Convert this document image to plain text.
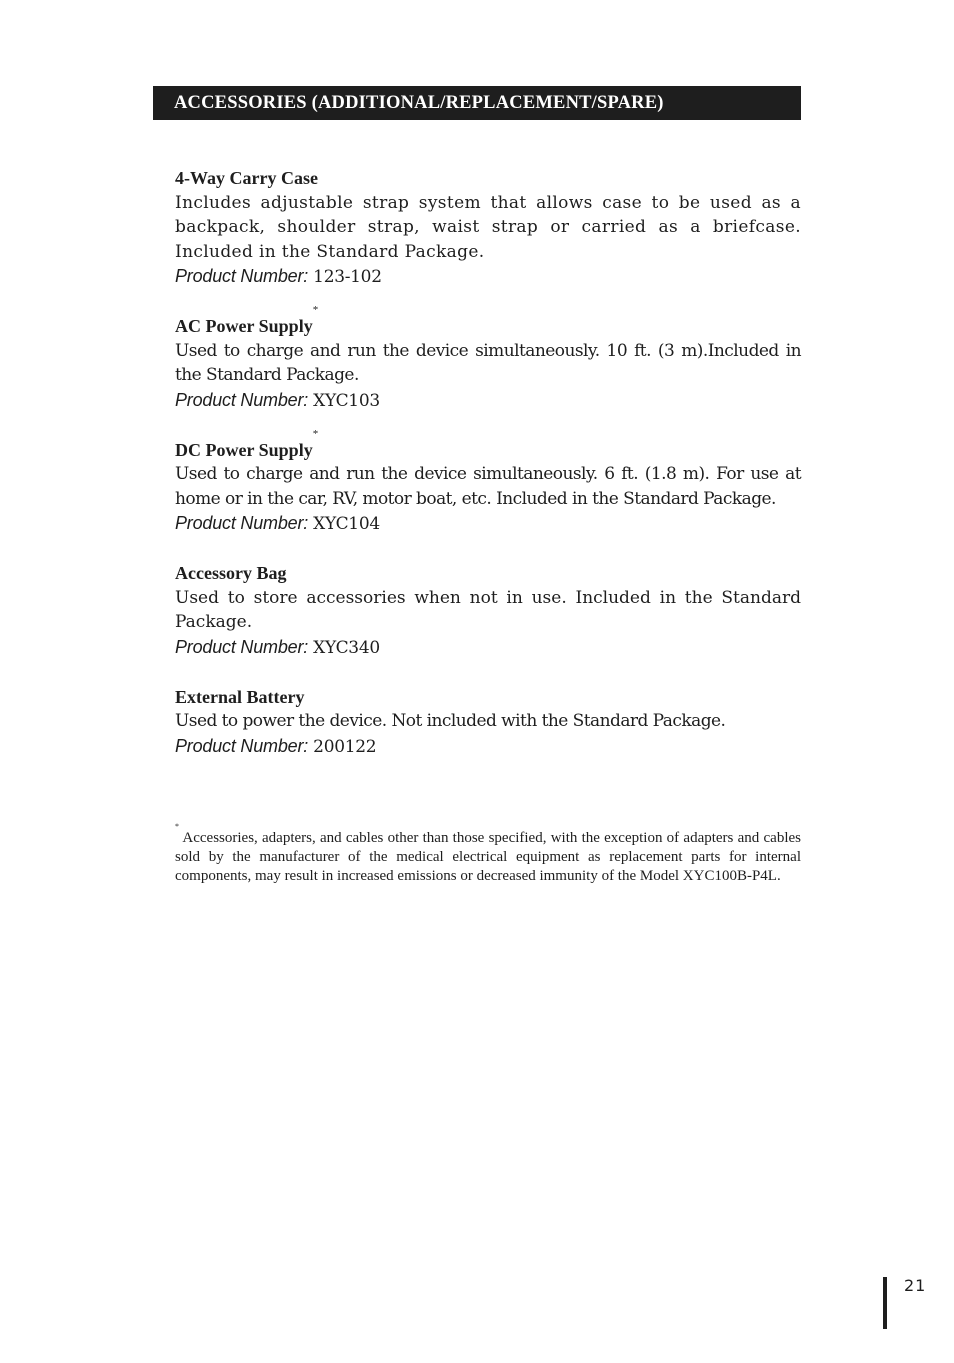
ACCESSORIES (ADDITIONAL/REPLACEMENT/SPARE)
4-Way Carry Case
Includes adjustable strap system that allows case to be used as a backpack, shoulder strap, waist strap or carried as a briefcase. Included in the Standard Package.
Product Number: 123-102
AC Power Supply*
Used to charge and run the device simultaneously. 10 ft. (3 m).Included in the Standard Package.
Product Number: XYC103
DC Power Supply*
Used to charge and run the device simultaneously. 6 ft. (1.8 m). For use at home or in the car, RV, motor boat, etc. Included in the Standard Package.
Product Number: XYC104
Accessory Bag
Used to store accessories when not in use. Included in the Standard Package.
Product Number: XYC340
External Battery
Used to power the device. Not included with the Standard Package.
Product Number: 200122
* Accessories, adapters, and cables other than those specified, with the exception of adapters and cables sold by the manufacturer of the medical electrical equipment as replacement parts for internal components, may result in increased emissions or decreased immunity of the Model XYC100B-P4L.
21
